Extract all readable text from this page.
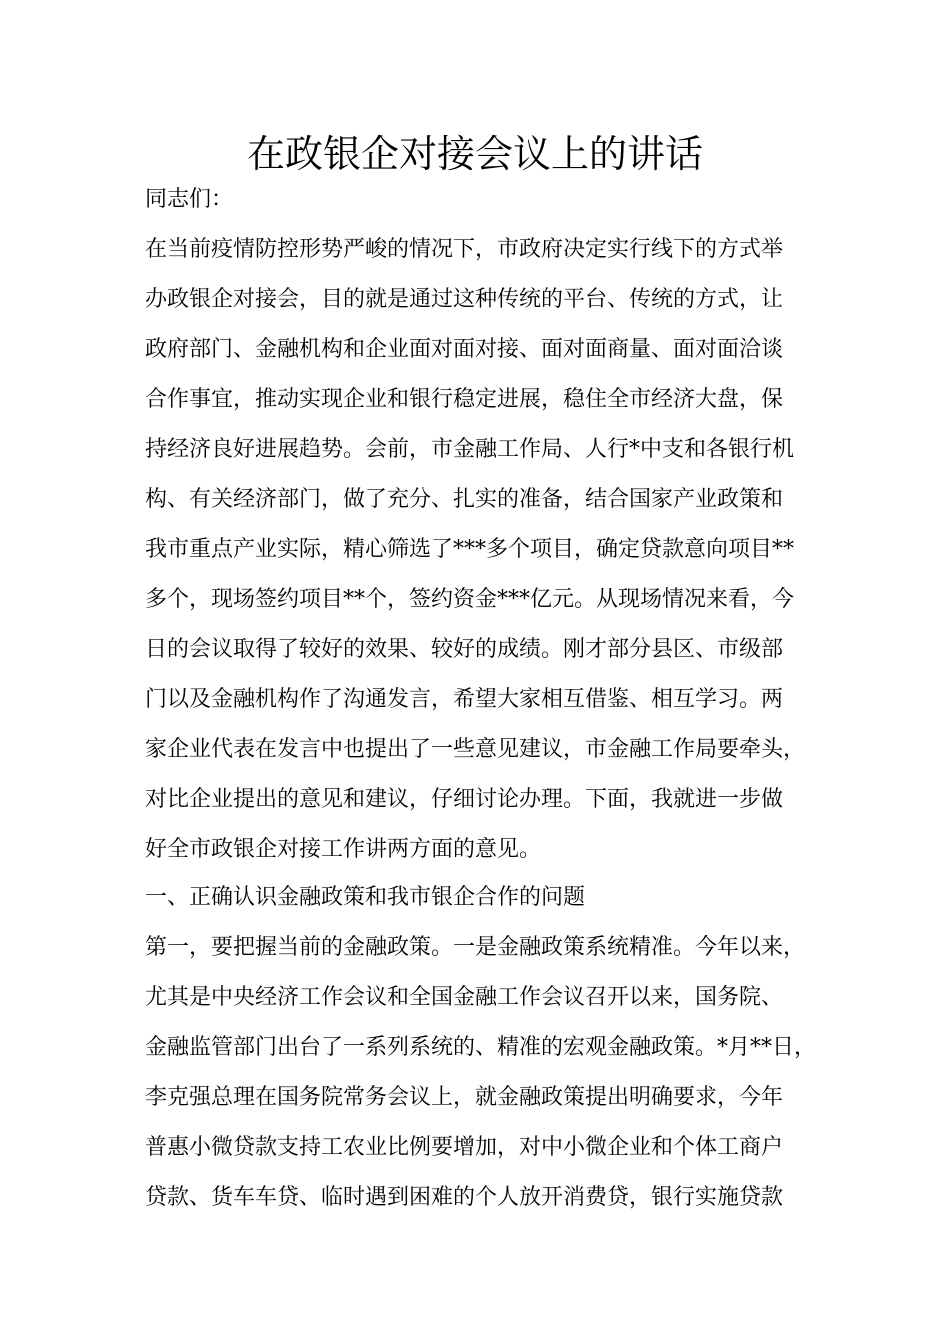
在政银企对接会议上的讲话

同志们：

在当前疫情防控形势严峻的情况下，市政府决定实行线下的方式举

办政银企对接会，目的就是通过这种传统的平台、传统的方式，让

政府部门、金融机构和企业面对面对接、面对面商量、面对面洽谈

合作事宜，推动实现企业和银行稳定进展，稳住全市经济大盘，保

持经济良好进展趋势。会前，市金融工作局、人行*中支和各银行机

构、有关经济部门，做了充分、扎实的准备，结合国家产业政策和

我市重点产业实际，精心筛选了***多个项目，确定贷款意向项目**

多个，现场签约项目**个，签约资金***亿元。从现场情况来看，今

日的会议取得了较好的效果、较好的成绩。刚才部分县区、市级部

门以及金融机构作了沟通发言，希望大家相互借鉴、相互学习。两

家企业代表在发言中也提出了一些意见建议，市金融工作局要牵头，

对比企业提出的意见和建议，仔细讨论办理。下面，我就进一步做

好全市政银企对接工作讲两方面的意见。

一、正确认识金融政策和我市银企合作的问题

第一，要把握当前的金融政策。一是金融政策系统精准。今年以来，

尤其是中央经济工作会议和全国金融工作会议召开以来，国务院、

金融监管部门出台了一系列系统的、精准的宏观金融政策。*月**日，

李克强总理在国务院常务会议上，就金融政策提出明确要求，今年

普惠小微贷款支持工农业比例要增加，对中小微企业和个体工商户

贷款、货车车贷、临时遇到困难的个人放开消费贷，银行实施贷款
